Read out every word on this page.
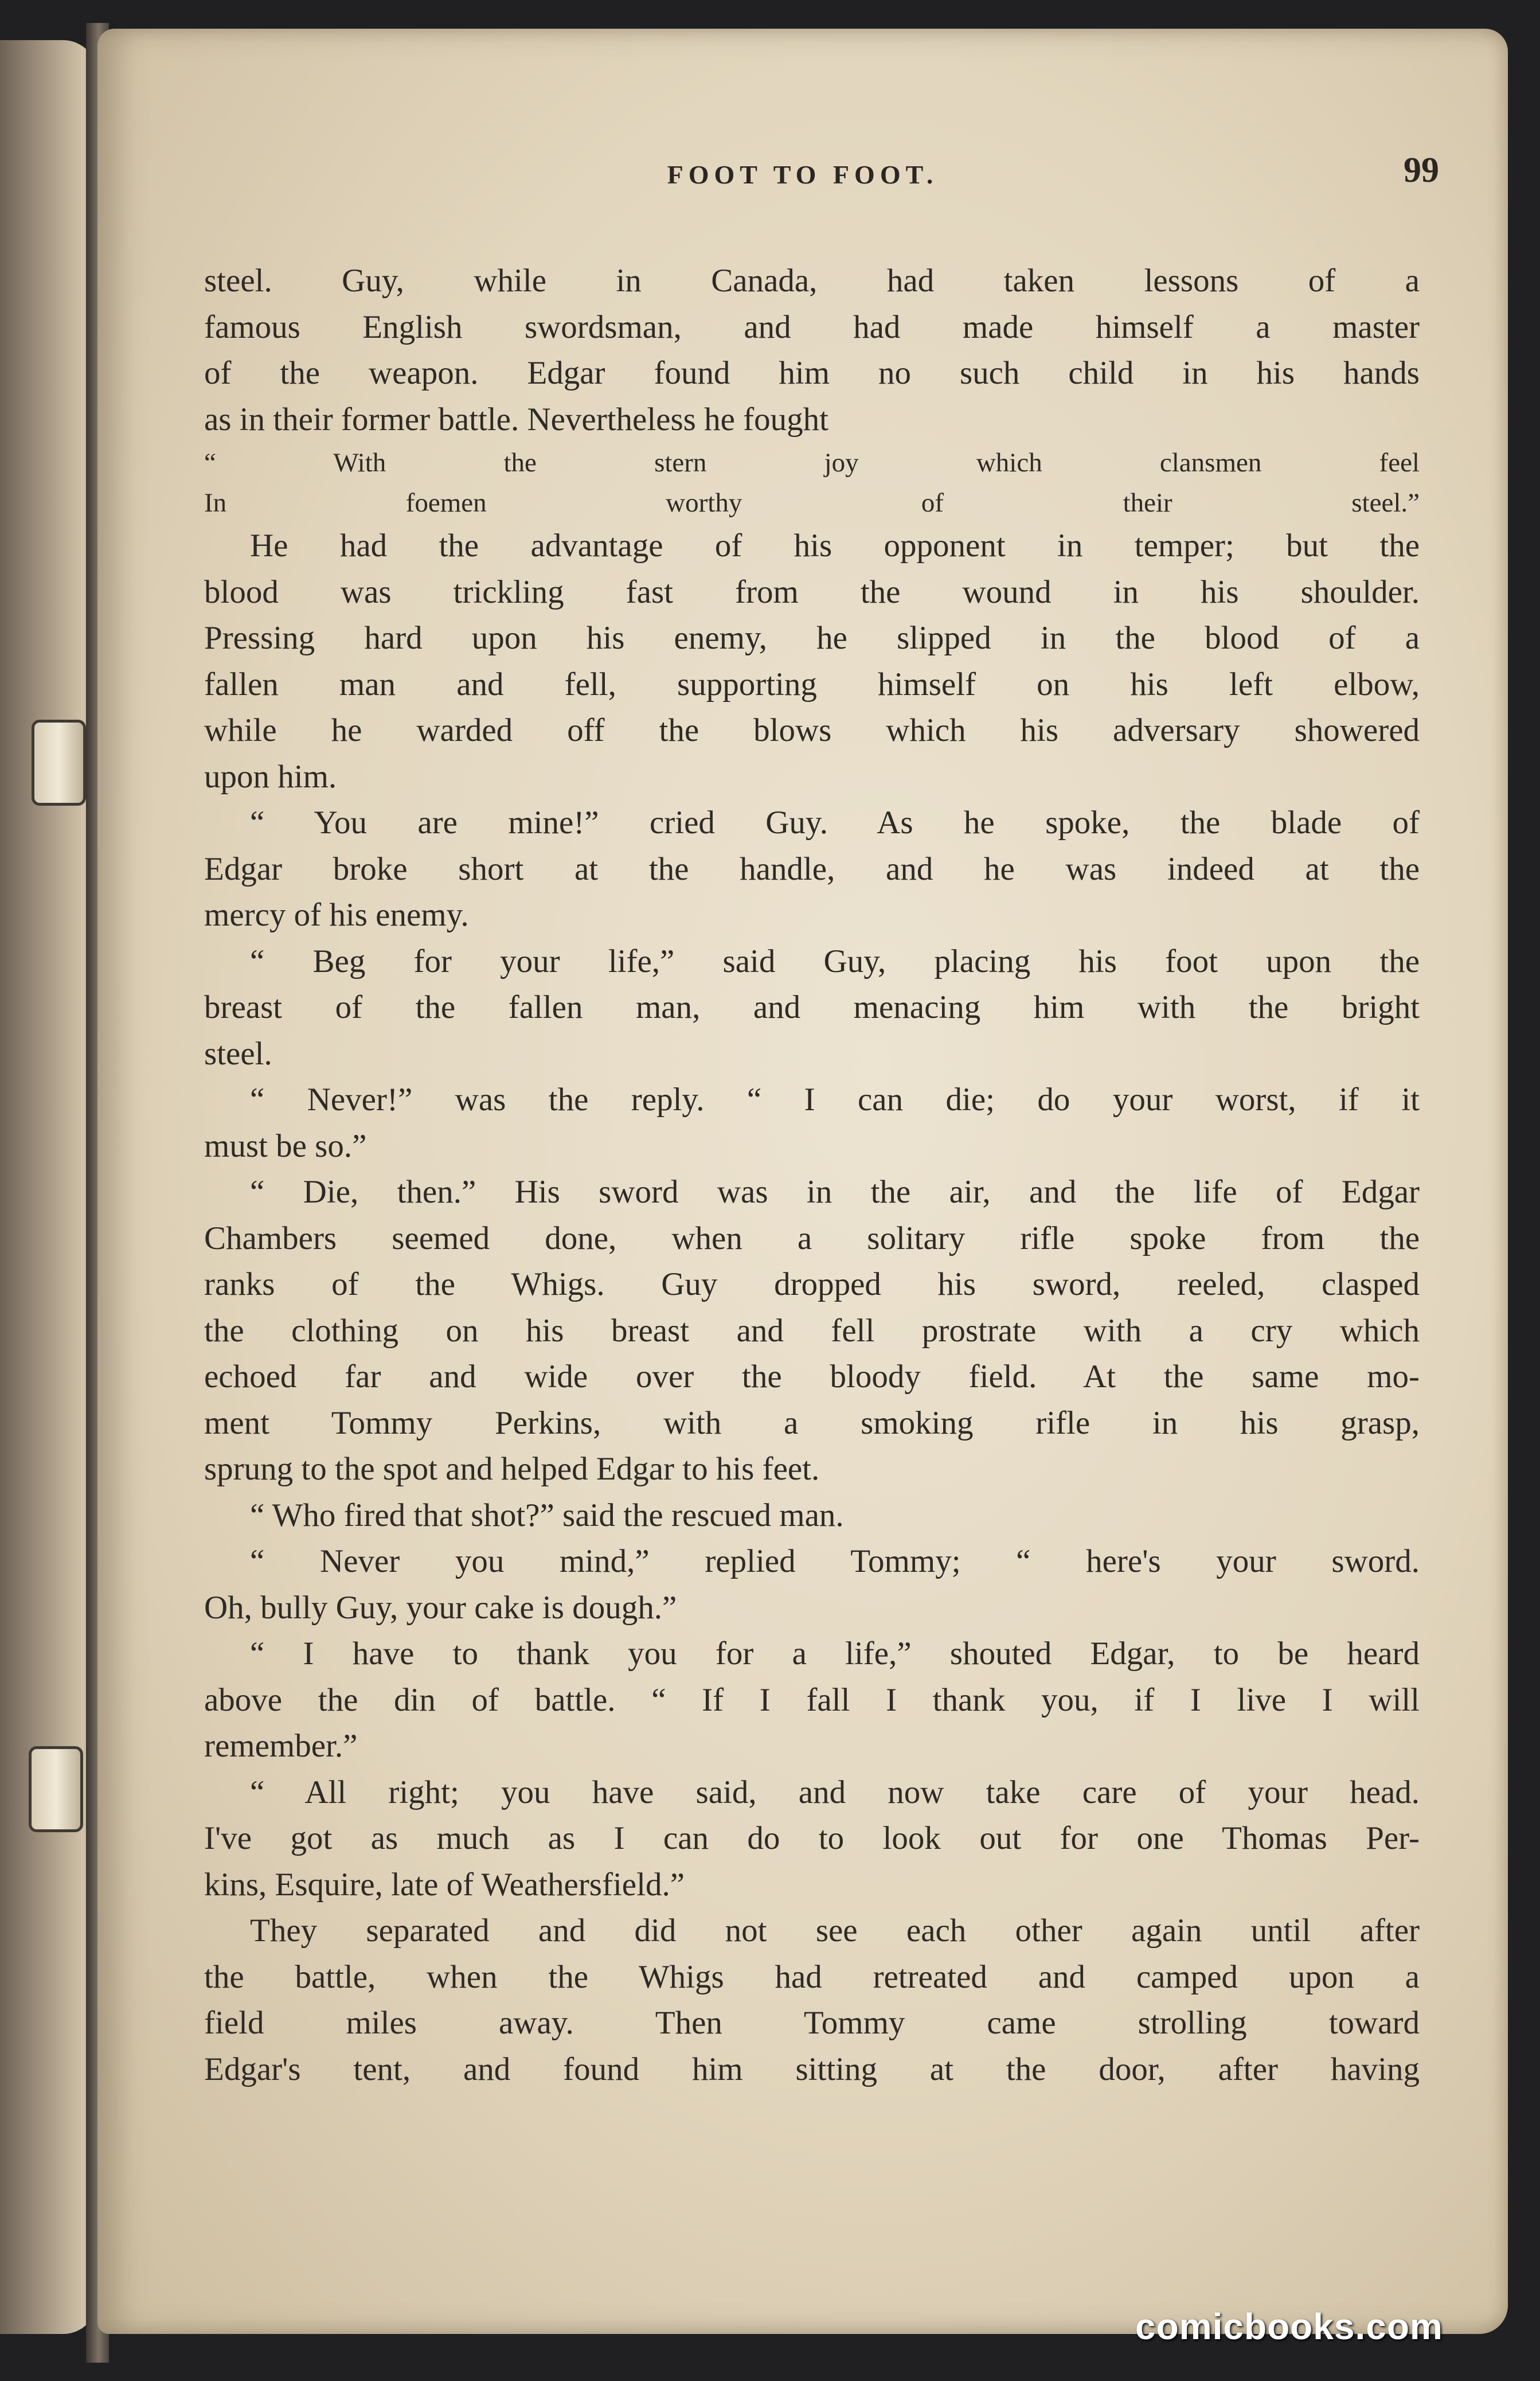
FOOT TO FOOT.	99
steel. Guy, while in Canada, had taken lessons of a
famous English swordsman, and had made himself a master
of the weapon. Edgar found him no such child in his hands
as in their former battle. Nevertheless he fought
“ With the stern joy which clansmen feel
In foemen worthy of their steel.”
He had the advantage of his opponent in temper; but the
blood was trickling fast from the wound in his shoulder.
Pressing hard upon his enemy, he slipped in the blood of a
fallen man and fell, supporting himself on his left elbow,
while he warded off the blows which his adversary showered
upon him.
“ You are mine!” cried Guy. As he spoke, the blade of
Edgar broke short at the handle, and he was indeed at the
mercy of his enemy.
“ Beg for your life,” said Guy, placing his foot upon the
breast of the fallen man, and menacing him with the bright
steel.
“ Never!” was the reply. “ I can die; do your worst, if it
must be so.”
“ Die, then.” His sword was in the air, and the life of Edgar
Chambers seemed done, when a solitary rifle spoke from the
ranks of the Whigs. Guy dropped his sword, reeled, clasped
the clothing on his breast and fell prostrate with a cry which
echoed far and wide over the bloody field. At the same mo-
ment Tommy Perkins, with a smoking rifle in his grasp,
sprung to the spot and helped Edgar to his feet.
“ Who fired that shot?” said the rescued man.
“ Never you mind,” replied Tommy; “ here's your sword.
Oh, bully Guy, your cake is dough.”
“ I have to thank you for a life,” shouted Edgar, to be heard
above the din of battle. “ If I fall I thank you, if I live I will
remember.”
“ All right; you have said, and now take care of your head.
I've got as much as I can do to look out for one Thomas Per-
kins, Esquire, late of Weathersfield.”
They separated and did not see each other again until after
the battle, when the Whigs had retreated and camped upon a
field miles away. Then Tommy came strolling toward
Edgar's tent, and found him sitting at the door, after having
comicbooks.com
